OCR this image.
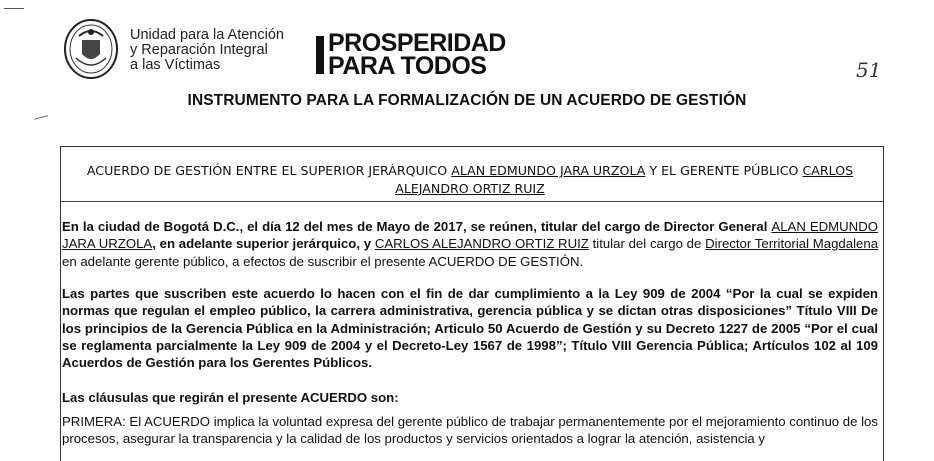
Unidad para la Atención
y Reparación Integral
a las Víctimas
PROSPERIDAD
PARA TODOS	51
INSTRUMENTO PARA LA FORMALIZACIÓN DE UN ACUERDO DE GESTIÓN
ACUERDO DE GESTIÓN ENTRE EL SUPERIOR JERÁRQUICO ALAN EDMUNDO JARA URZOLA Y EL GERENTE PÚBLICO CARLOS ALEJANDRO ORTIZ RUIZ
En la ciudad de Bogotá D.C., el día 12 del mes de Mayo de 2017, se reúnen, titular del cargo de Director General ALAN EDMUNDO JARA URZOLA, en adelante superior jerárquico, y CARLOS ALEJANDRO ORTIZ RUIZ titular del cargo de Director Territorial Magdalena en adelante gerente público, a efectos de suscribir el presente ACUERDO DE GESTIÓN.
Las partes que suscriben este acuerdo lo hacen con el fin de dar cumplimiento a la Ley 909 de 2004 “Por la cual se expiden normas que regulan el empleo público, la carrera administrativa, gerencia pública y se dictan otras disposiciones” Título VIII De los principios de la Gerencia Pública en la Administración; Articulo 50 Acuerdo de Gestión y su Decreto 1227 de 2005 “Por el cual se reglamenta parcialmente la Ley 909 de 2004 y el Decreto-Ley 1567 de 1998”; Título VIII Gerencia Pública; Artículos 102 al 109 Acuerdos de Gestión para los Gerentes Públicos.
Las cláusulas que regirán el presente ACUERDO son:
PRIMERA: El ACUERDO implica la voluntad expresa del gerente público de trabajar permanentemente por el mejoramiento continuo de los procesos, asegurar la transparencia y la calidad de los productos y servicios orientados a lograr la atención, asistencia y
